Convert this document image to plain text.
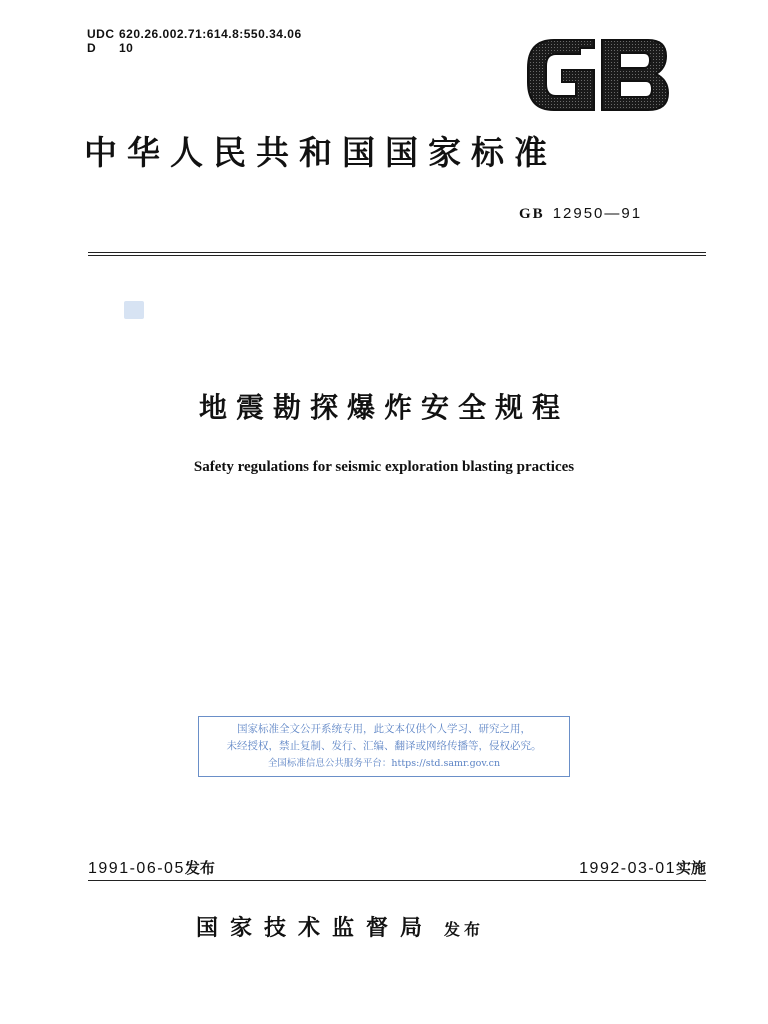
UDC 620.26.002.71:614.8:550.34.06
D 10
中华人民共和国国家标准
GB 12950—91
地震勘探爆炸安全规程
Safety regulations for seismic exploration blasting practices
国家标准全文公开系统专用，此文本仅供个人学习、研究之用，
未经授权，禁止复制、发行、汇编、翻译或网络传播等，侵权必究。
全国标准信息公共服务平台：https://std.samr.gov.cn
1991-06-05发布	1992-03-01实施
国家技术监督局 发布
